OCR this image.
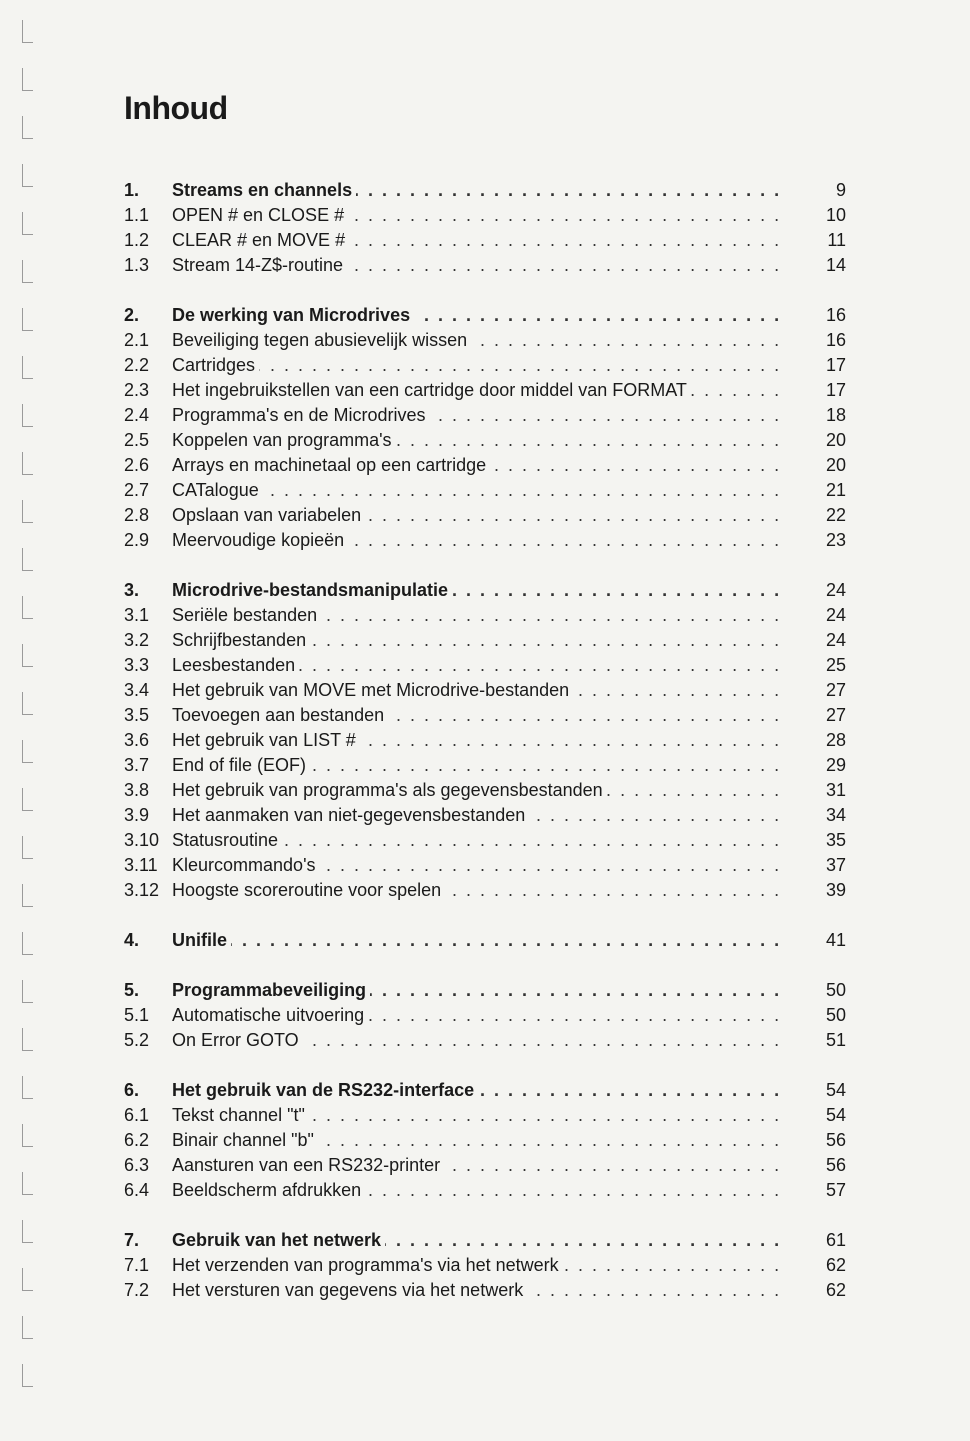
Inhoud
1. Streams en channels . . .	9
1.1 OPEN # en CLOSE # . . .	10
1.2 CLEAR # en MOVE # . . .	11
1.3 Stream 14-Z$-routine . . .	14
2. De werking van Microdrives . . .	16
2.1 Beveiliging tegen abusievelijk wissen . . .	16
2.2 Cartridges . . .	17
2.3 Het ingebruikstellen van een cartridge door middel van FORMAT . . .	17
2.4 Programma's en de Microdrives . . .	18
2.5 Koppelen van programma's . . .	20
2.6 Arrays en machinetaal op een cartridge . . .	20
2.7 CATalogue . . .	21
2.8 Opslaan van variabelen . . .	22
2.9 Meervoudige kopieën . . .	23
3. Microdrive-bestandsmanipulatie . . .	24
3.1 Seriële bestanden . . .	24
3.2 Schrijfbestanden . . .	24
3.3 Leesbestanden . . .	25
3.4 Het gebruik van MOVE met Microdrive-bestanden . . .	27
3.5 Toevoegen aan bestanden . . .	27
3.6 Het gebruik van LIST # . . .	28
3.7 End of file (EOF) . . .	29
3.8 Het gebruik van programma's als gegevensbestanden . . .	31
3.9 Het aanmaken van niet-gegevensbestanden . . .	34
3.10 Statusroutine . . .	35
3.11 Kleurcommando's . . .	37
3.12 Hoogste scoreroutine voor spelen . . .	39
4. Unifile . . .	41
5. Programmabeveiliging . . .	50
5.1 Automatische uitvoering . . .	50
5.2 On Error GOTO . . .	51
6. Het gebruik van de RS232-interface . . .	54
6.1 Tekst channel "t" . . .	54
6.2 Binair channel "b" . . .	56
6.3 Aansturen van een RS232-printer . . .	56
6.4 Beeldscherm afdrukken . . .	57
7. Gebruik van het netwerk . . .	61
7.1 Het verzenden van programma's via het netwerk . . .	62
7.2 Het versturen van gegevens via het netwerk . . .	62
